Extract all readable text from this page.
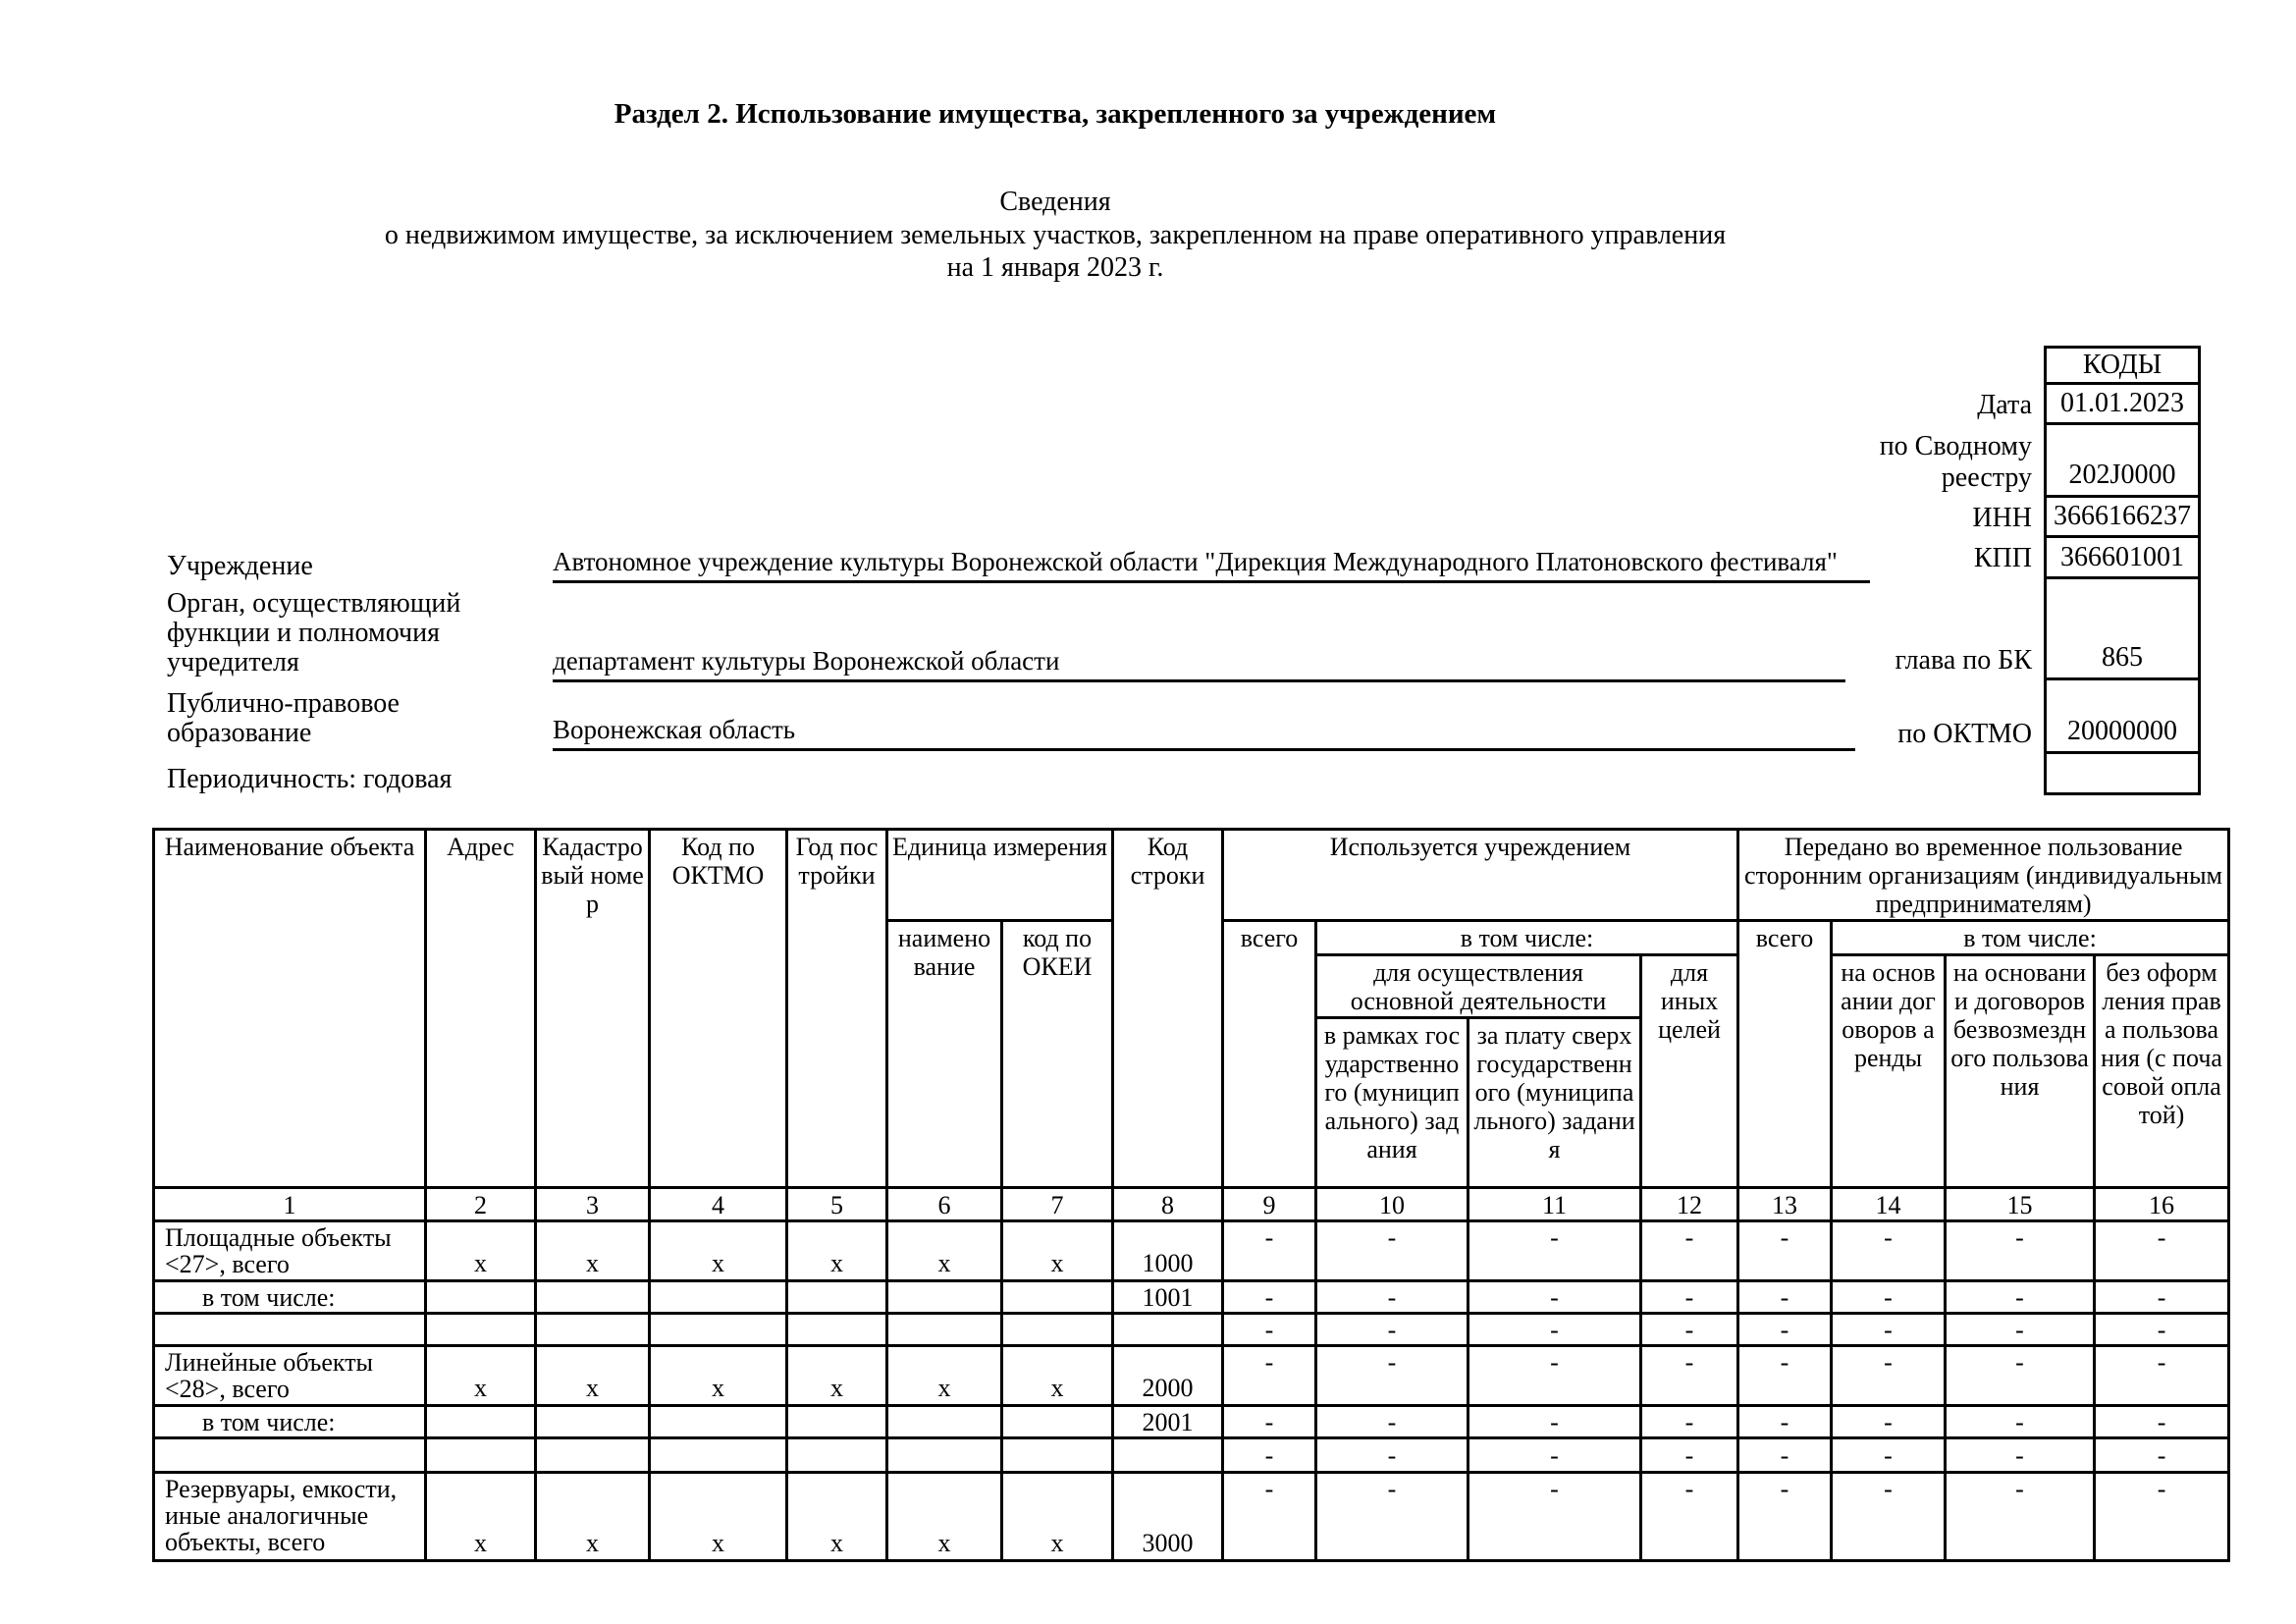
Раздел 2. Использование имущества, закрепленного за учреждением
Сведения
о недвижимом имуществе, за исключением земельных участков, закрепленном на праве оперативного управления
на 1 января 2023 г.
КОДЫ
Дата	01.01.2023
по Сводному реестру	202J0000
ИНН 3666166237
КПП	366601001
глава по БК	865
по ОКТМО	20000000
Учреждение	Автономное учреждение культуры Воронежской области "Дирекция Международного Платоновского фестиваля"
Орган, осуществляющий функции и полномочия учредителя	департамент культуры Воронежской области
Публично-правовое образование	Воронежская область
Периодичность: годовая
Наименование объекта	Адрес	Кадастровый номер	Код по ОКТМО	Год постройки	Единица измерения		Код строки	Используется учреждением				Передано во временное пользование сторонним организациям (индивидуальным предпринимателям)			
					наименование	код по ОКЕИ		всего	в том числе:			всего	в том числе:		
									для осуществления основной деятельности		для иных целей		на основании договоров аренды	на основании договоров безвозмездного пользования	без оформления права пользования (с почасовой оплатой)
									в рамках государственного (муниципального) задания	за плату сверх государственного (муниципального) задания					
1	2	3	4	5	6	7	8	9	10	11	12	13	14	15	16
Площадные объекты <27>, всего	х	х	х	х	х	х	1000	-	-	-	-	-	-	-	-
в том числе:							1001	-	-	-	-	-	-	-	-
								-	-	-	-	-	-	-	-
Линейные объекты <28>, всего	х	х	х	х	х	х	2000	-	-	-	-	-	-	-	-
в том числе:							2001	-	-	-	-	-	-	-	-
								-	-	-	-	-	-	-	-
Резервуары, емкости, иные аналогичные объекты, всего	х	х	х	х	х	х	3000	-	-	-	-	-	-	-	-
